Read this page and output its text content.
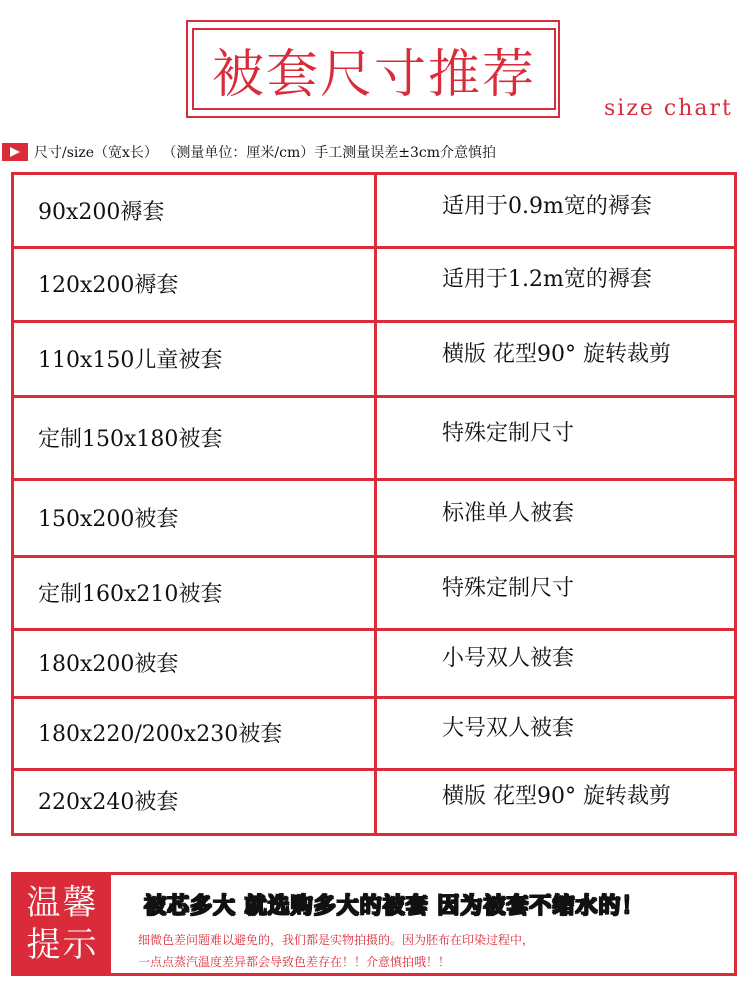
被套尺寸推荐
size chart
尺寸/size（宽x长） （测量单位：厘米/cm）手工测量误差±3cm介意慎拍
90x200褥套	适用于0.9m宽的褥套
120x200褥套	适用于1.2m宽的褥套
110x150儿童被套	横版 花型90° 旋转裁剪
定制150x180被套	特殊定制尺寸
150x200被套	标准单人被套
定制160x210被套	特殊定制尺寸
180x200被套	小号双人被套
180x220/200x230被套	大号双人被套
220x240被套	横版 花型90° 旋转裁剪
温馨
提示
被芯多大 就选购多大的被套 因为被套不缩水的！
细微色差问题难以避免的，我们都是实物拍摄的。因为胚布在印染过程中，
一点点蒸汽温度差异都会导致色差存在！！介意慎拍哦！！
